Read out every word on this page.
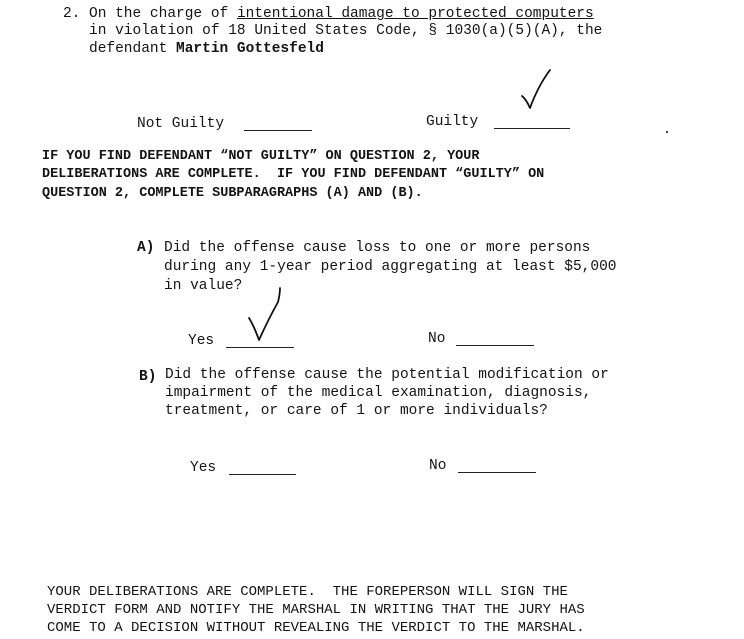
2. On the charge of intentional damage to protected computers
in violation of 18 United States Code, § 1030(a)(5)(A), the
defendant Martin Gottesfeld
Not Guilty	Guilty
IF YOU FIND DEFENDANT “NOT GUILTY” ON QUESTION 2, YOUR
DELIBERATIONS ARE COMPLETE.  IF YOU FIND DEFENDANT “GUILTY” ON
QUESTION 2, COMPLETE SUBPARAGRAPHS (A) AND (B).
A) Did the offense cause loss to one or more persons
during any 1-year period aggregating at least $5,000
in value?
Yes	No
B) Did the offense cause the potential modification or
impairment of the medical examination, diagnosis,
treatment, or care of 1 or more individuals?
Yes	No
YOUR DELIBERATIONS ARE COMPLETE.  THE FOREPERSON WILL SIGN THE
VERDICT FORM AND NOTIFY THE MARSHAL IN WRITING THAT THE JURY HAS
COME TO A DECISION WITHOUT REVEALING THE VERDICT TO THE MARSHAL.
